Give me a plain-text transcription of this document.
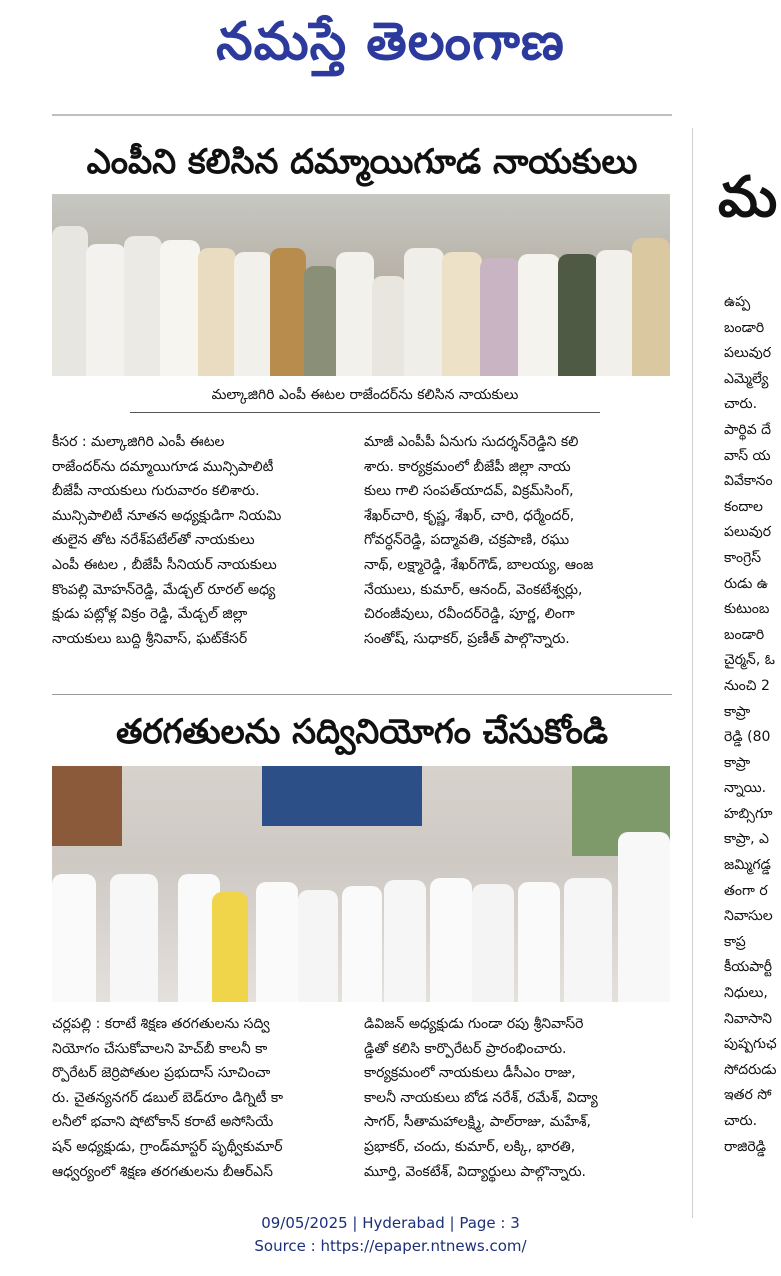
నమస్తే తెలంగాణ
ఎంపీని కలిసిన దమ్మాయిగూడ నాయకులు
మల్కాజిగిరి ఎంపీ ఈటల రాజేందర్‌ను కలిసిన నాయకులు
కీసర : మల్కాజిగిరి ఎంపీ ఈటల
రాజేందర్‌ను దమ్మాయిగూడ మున్సిపాలిటీ
బీజేపీ నాయకులు గురువారం కలిశారు.
మున్సిపాలిటీ నూతన అధ్యక్షుడిగా నియమి
తులైన తోట నరేశ్‌పటేల్‌తో నాయకులు
ఎంపీ ఈటల , బీజేపీ సీనియర్ నాయకులు
కొంపల్లి మోహన్‌రెడ్డి, మేడ్చల్ రూరల్ అధ్య
క్షుడు పట్లోళ్ల విక్రం రెడ్డి, మేడ్చల్ జిల్లా
నాయకులు బుద్ది శ్రీనివాస్, ఘట్‌కేసర్
మాజీ ఎంపీపీ ఏనుగు సుదర్శన్‌రెడ్డిని కలి
శారు. కార్యక్రమంలో బీజేపీ జిల్లా నాయ
కులు గాలి సంపత్‌యాదవ్, విక్రమ్‌సింగ్,
శేఖర్‌చారి, కృష్ణ, శేఖర్, చారి, ధర్మేందర్,
గోవర్ధన్‌రెడ్డి, పద్మావతి, చక్రపాణి, రఘు
నాథ్, లక్ష్మారెడ్డి, శేఖర్‌గౌడ్, బాలయ్య, ఆంజ
నేయులు, కుమార్, ఆనంద్, వెంకటేశ్వర్లు,
చిరంజీవులు, రవీందర్‌రెడ్డి, పూర్ణ, లింగా
సంతోష్, సుధాకర్, ప్రణీత్ పాల్గొన్నారు.
తరగతులను సద్వినియోగం చేసుకోండి
చర్లపల్లి : కరాటే శిక్షణ తరగతులను సద్వి
నియోగం చేసుకోవాలని హెచ్‌బీ కాలనీ కా
ర్పొరేటర్ జెర్రిపోతుల ప్రభుదాస్ సూచించా
రు. చైతన్యనగర్ డబుల్ బెడ్‌రూం డిగ్నిటీ కా
లనీలో భవాని షోటోకాన్ కరాటే అసోసియే
షన్ అధ్యక్షుడు, గ్రాండ్‌మాస్టర్ పృథ్వీకుమార్
ఆధ్వర్యంలో శిక్షణ తరగతులను బీఆర్‌ఎస్
డివిజన్ అధ్యక్షుడు గుండా రపు శ్రీనివాస్‌రె
డ్డితో కలిసి కార్పొరేటర్ ప్రారంభించారు.
కార్యక్రమంలో నాయకులు డీసీఎం రాజు,
కాలనీ నాయకులు బోడ నరేశ్, రమేశ్, విద్యా
సాగర్, సీతామహాలక్ష్మి, పాల్‌రాజు, మహేశ్,
ప్రభాకర్, చందు, కుమార్, లక్కి, భారతి,
మూర్తి, వెంకటేశ్, విద్యార్థులు పాల్గొన్నారు.
మ
ఉప్ప
బండారి
పలువుర
ఎమ్మెల్యే
చారు.
పార్థివ దే
వాస్ య
వివేకానం
కందాల
పలువుర
కాంగ్రెస్
రుడు ఉ
కుటుంబ
బండారి
చైర్మన్, ఓ
నుంచి 2
కాప్రా
రెడ్డి (80
కాప్రా
న్నాయి.
హబ్సిగూ
కాప్రా, ఎ
జమ్మిగడ్డ
తంగా ర
నివాసుల
కాప్ర
కీయపార్టీ
నిధులు,
నివాసాని
పుష్పగుఛ
సోదరుడు
ఇతర సో
చారు.
రాజిరెడ్డి
09/05/2025 | Hyderabad | Page : 3
Source : https://epaper.ntnews.com/
